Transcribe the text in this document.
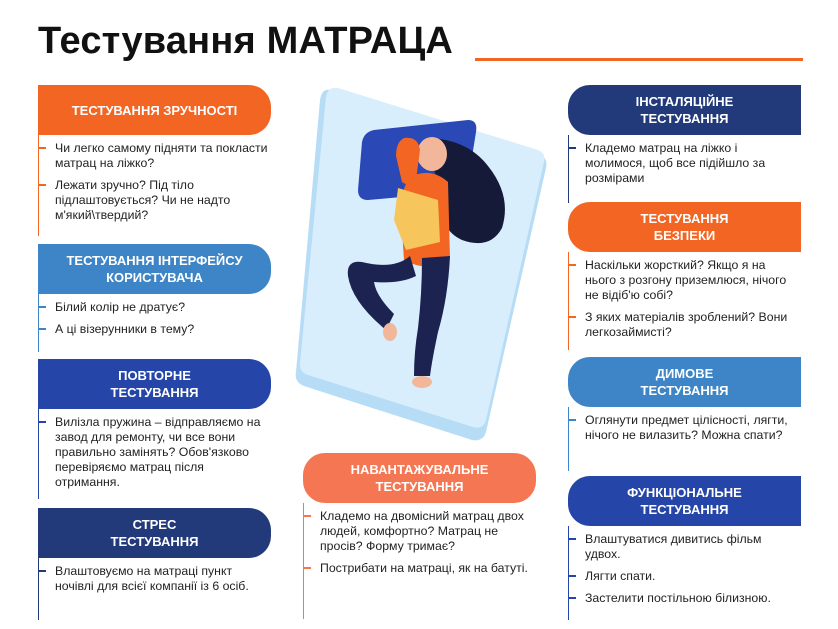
Тестування МАТРАЦА
ТЕСТУВАННЯ ЗРУЧНОСТІ
Чи легко самому підняти та покласти матрац на ліжко?
Лежати зручно? Під тіло підлаштовується? Чи не надто м'який\твердий?
ТЕСТУВАННЯ ІНТЕРФЕЙСУ КОРИСТУВАЧА
Білий колір не дратує?
А ці візерунники в тему?
ПОВТОРНЕ ТЕСТУВАННЯ
Вилізла пружина – відправляємо на завод для ремонту, чи все вони правильно замінять? Обов'язково перевіряємо матрац після отримання.
СТРЕС ТЕСТУВАННЯ
Влаштовуємо на матраці пункт ночівлі для всієї компанії із 6 осіб.
НАВАНТАЖУВАЛЬНЕ ТЕСТУВАННЯ
Кладемо на двомісний матрац двох людей, комфортно? Матрац не просів? Форму тримає?
Пострибати на матраці, як на батуті.
ІНСТАЛЯЦІЙНЕ ТЕСТУВАННЯ
Кладемо матрац на ліжко і молимося, щоб все підійшло за розмірами
ТЕСТУВАННЯ БЕЗПЕКИ
Наскільки жорсткий? Якщо я на нього з розгону приземлюся, нічого не відіб'ю собі?
З яких матеріалів зроблений? Вони легкозаймисті?
ДИМОВЕ ТЕСТУВАННЯ
Оглянути предмет цілісності, лягти, нічого не вилазить? Можна спати?
ФУНКЦІОНАЛЬНЕ ТЕСТУВАННЯ
Влаштуватися дивитись фільм удвох.
Лягти спати.
Застелити постільною білизною.
